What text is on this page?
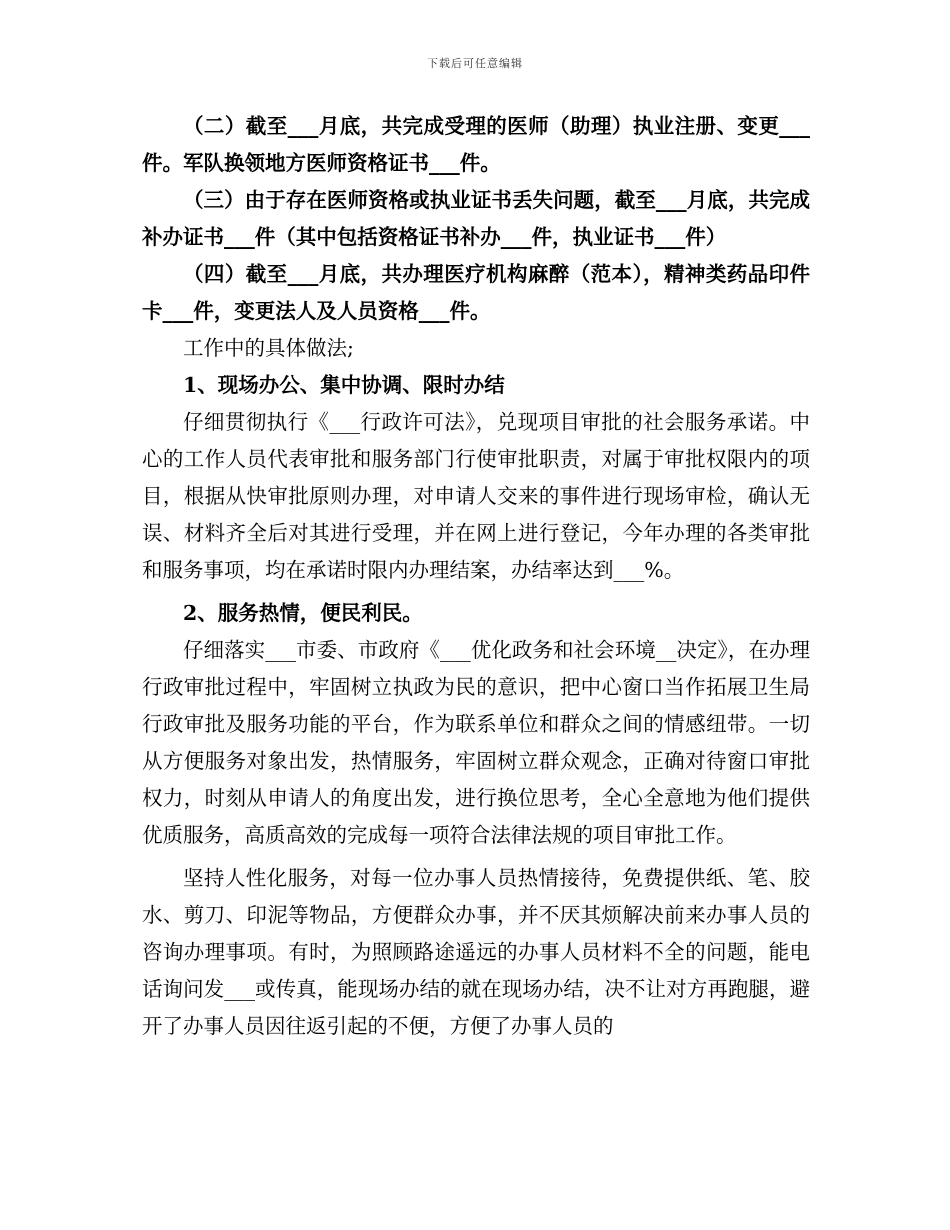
下载后可任意编辑

（二）截至___月底，共完成受理的医师（助理）执业注册、变更___件。军队换领地方医师资格证书___件。

（三）由于存在医师资格或执业证书丢失问题，截至___月底，共完成补办证书___件（其中包括资格证书补办___件，执业证书___件）

（四）截至___月底，共办理医疗机构麻醉（范本），精神类药品印件卡___件，变更法人及人员资格___件。

工作中的具体做法;

1、现场办公、集中协调、限时办结

仔细贯彻执行《___行政许可法》，兑现项目审批的社会服务承诺。中心的工作人员代表审批和服务部门行使审批职责，对属于审批权限内的项目，根据从快审批原则办理，对申请人交来的事件进行现场审检，确认无误、材料齐全后对其进行受理，并在网上进行登记，今年办理的各类审批和服务事项，均在承诺时限内办理结案，办结率达到___%。

2、服务热情，便民利民。

仔细落实___市委、市政府《___优化政务和社会环境__决定》，在办理行政审批过程中，牢固树立执政为民的意识，把中心窗口当作拓展卫生局行政审批及服务功能的平台，作为联系单位和群众之间的情感纽带。一切从方便服务对象出发，热情服务，牢固树立群众观念，正确对待窗口审批权力，时刻从申请人的角度出发，进行换位思考，全心全意地为他们提供优质服务，高质高效的完成每一项符合法律法规的项目审批工作。

坚持人性化服务，对每一位办事人员热情接待，免费提供纸、笔、胶水、剪刀、印泥等物品，方便群众办事，并不厌其烦解决前来办事人员的咨询办理事项。有时，为照顾路途遥远的办事人员材料不全的问题，能电话询问发___或传真，能现场办结的就在现场办结，决不让对方再跑腿，避开了办事人员因往返引起的不便，方便了办事人员的
